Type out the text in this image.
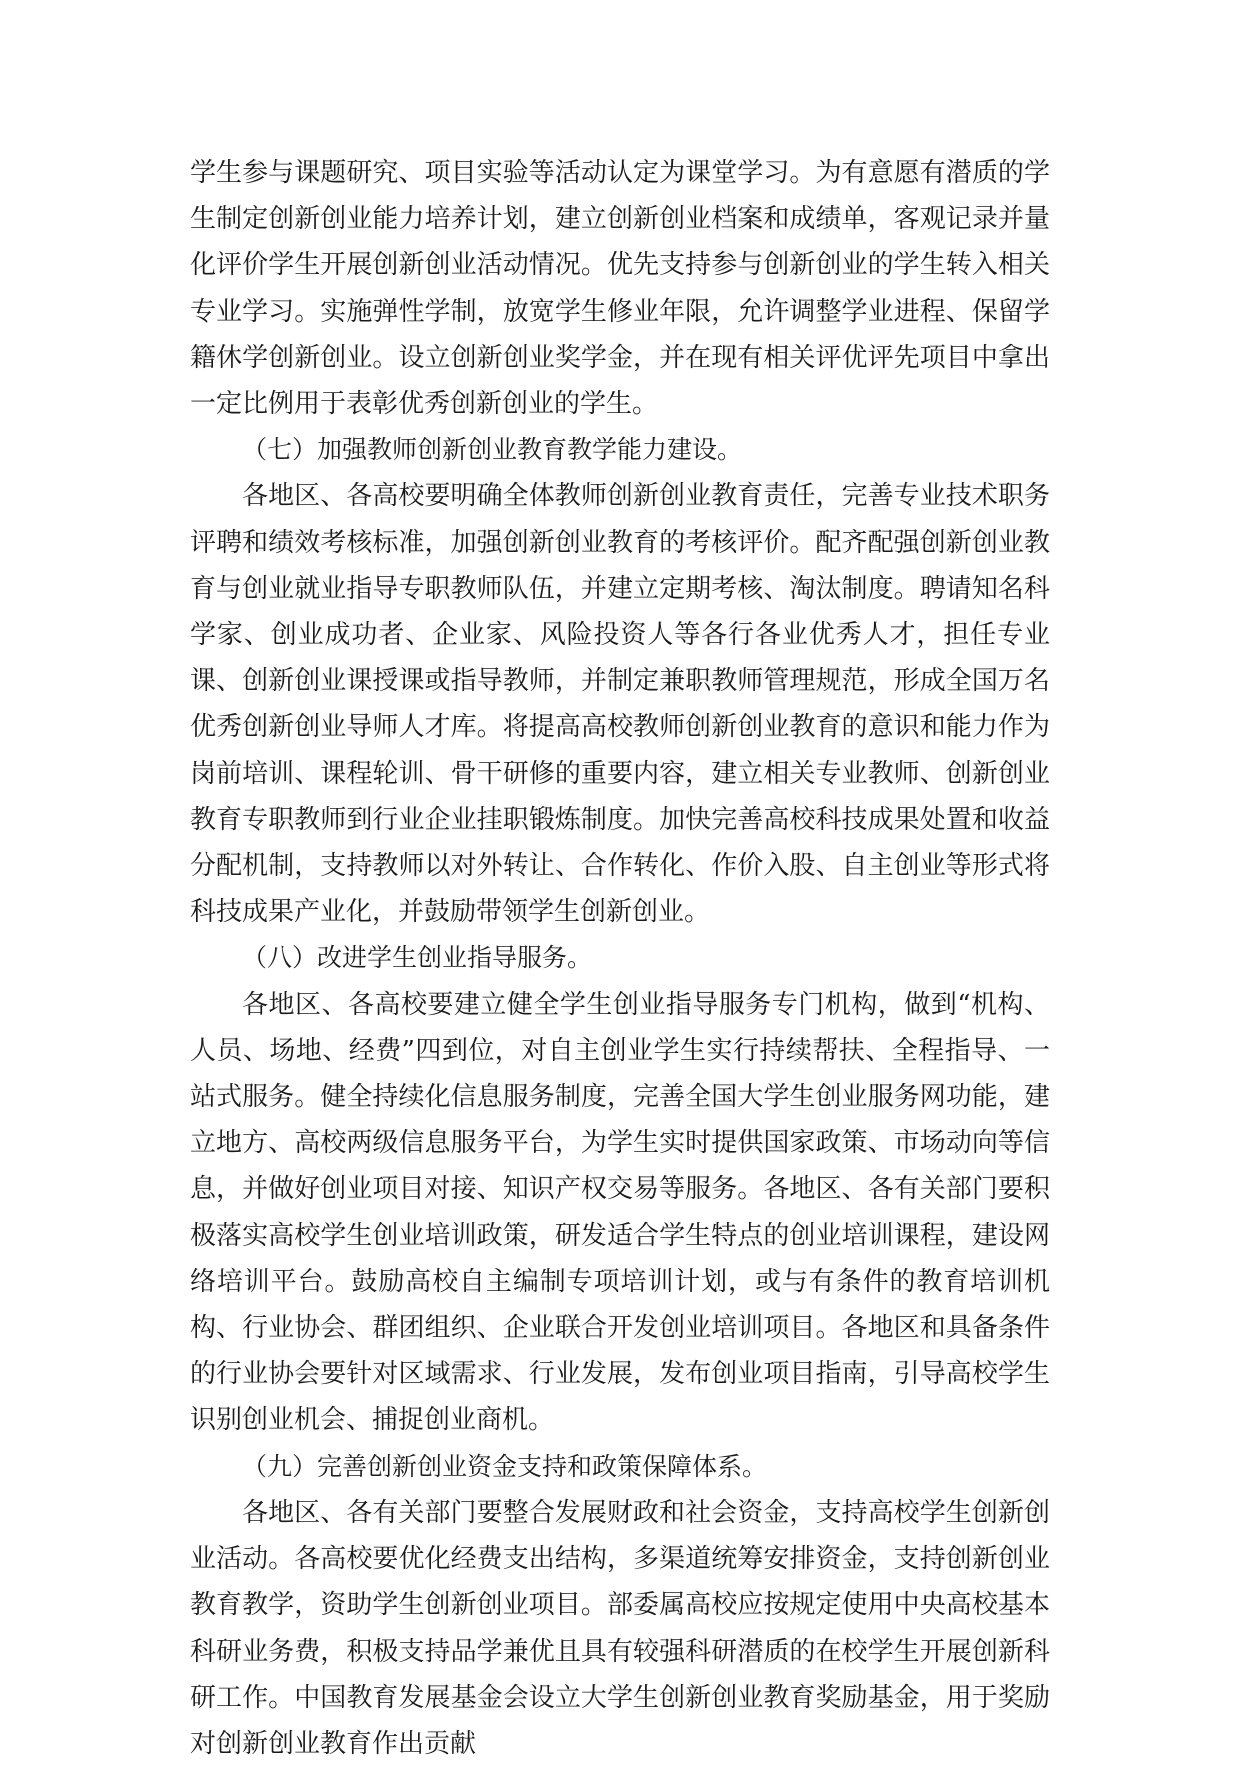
学生参与课题研究、项目实验等活动认定为课堂学习。为有意愿有潜质的学生制定创新创业能力培养计划，建立创新创业档案和成绩单，客观记录并量化评价学生开展创新创业活动情况。优先支持参与创新创业的学生转入相关专业学习。实施弹性学制，放宽学生修业年限，允许调整学业进程、保留学籍休学创新创业。设立创新创业奖学金，并在现有相关评优评先项目中拿出一定比例用于表彰优秀创新创业的学生。

（七）加强教师创新创业教育教学能力建设。

各地区、各高校要明确全体教师创新创业教育责任，完善专业技术职务评聘和绩效考核标准，加强创新创业教育的考核评价。配齐配强创新创业教育与创业就业指导专职教师队伍，并建立定期考核、淘汰制度。聘请知名科学家、创业成功者、企业家、风险投资人等各行各业优秀人才，担任专业课、创新创业课授课或指导教师，并制定兼职教师管理规范，形成全国万名优秀创新创业导师人才库。将提高高校教师创新创业教育的意识和能力作为岗前培训、课程轮训、骨干研修的重要内容，建立相关专业教师、创新创业教育专职教师到行业企业挂职锻炼制度。加快完善高校科技成果处置和收益分配机制，支持教师以对外转让、合作转化、作价入股、自主创业等形式将科技成果产业化，并鼓励带领学生创新创业。

（八）改进学生创业指导服务。

各地区、各高校要建立健全学生创业指导服务专门机构，做到“机构、人员、场地、经费”四到位，对自主创业学生实行持续帮扶、全程指导、一站式服务。健全持续化信息服务制度，完善全国大学生创业服务网功能，建立地方、高校两级信息服务平台，为学生实时提供国家政策、市场动向等信息，并做好创业项目对接、知识产权交易等服务。各地区、各有关部门要积极落实高校学生创业培训政策，研发适合学生特点的创业培训课程，建设网络培训平台。鼓励高校自主编制专项培训计划，或与有条件的教育培训机构、行业协会、群团组织、企业联合开发创业培训项目。各地区和具备条件的行业协会要针对区域需求、行业发展，发布创业项目指南，引导高校学生识别创业机会、捕捉创业商机。

（九）完善创新创业资金支持和政策保障体系。

各地区、各有关部门要整合发展财政和社会资金，支持高校学生创新创业活动。各高校要优化经费支出结构，多渠道统筹安排资金，支持创新创业教育教学，资助学生创新创业项目。部委属高校应按规定使用中央高校基本科研业务费，积极支持品学兼优且具有较强科研潜质的在校学生开展创新科研工作。中国教育发展基金会设立大学生创新创业教育奖励基金，用于奖励对创新创业教育作出贡献
